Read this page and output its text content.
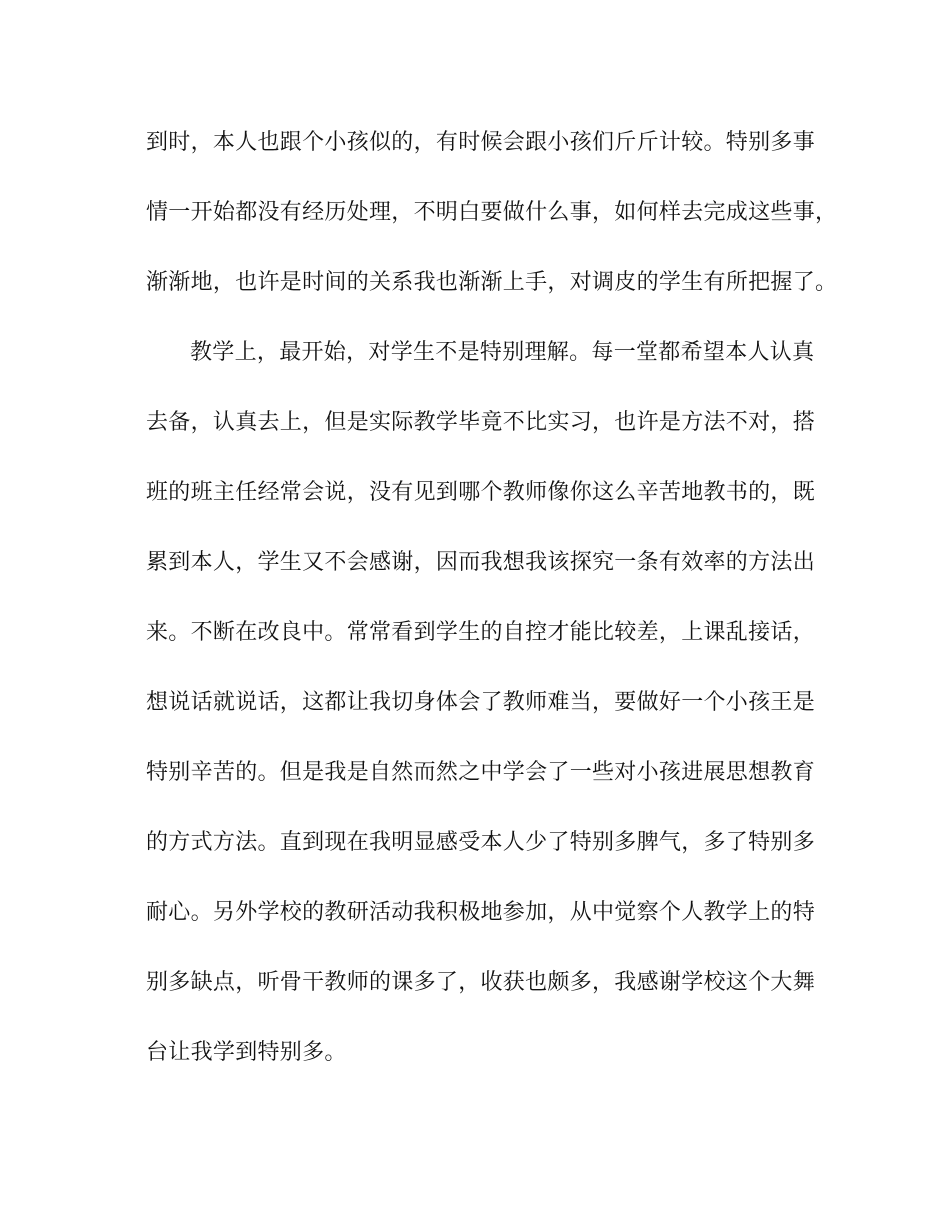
到时，本人也跟个小孩似的，有时候会跟小孩们斤斤计较。特别多事
情一开始都没有经历处理，不明白要做什么事，如何样去完成这些事，
渐渐地，也许是时间的关系我也渐渐上手，对调皮的学生有所把握了。
教学上，最开始，对学生不是特别理解。每一堂都希望本人认真
去备，认真去上，但是实际教学毕竟不比实习，也许是方法不对，搭
班的班主任经常会说，没有见到哪个教师像你这么辛苦地教书的，既
累到本人，学生又不会感谢，因而我想我该探究一条有效率的方法出
来。不断在改良中。常常看到学生的自控才能比较差，上课乱接话，
想说话就说话，这都让我切身体会了教师难当，要做好一个小孩王是
特别辛苦的。但是我是自然而然之中学会了一些对小孩进展思想教育
的方式方法。直到现在我明显感受本人少了特别多脾气，多了特别多
耐心。另外学校的教研活动我积极地参加，从中觉察个人教学上的特
别多缺点，听骨干教师的课多了，收获也颇多，我感谢学校这个大舞
台让我学到特别多。
